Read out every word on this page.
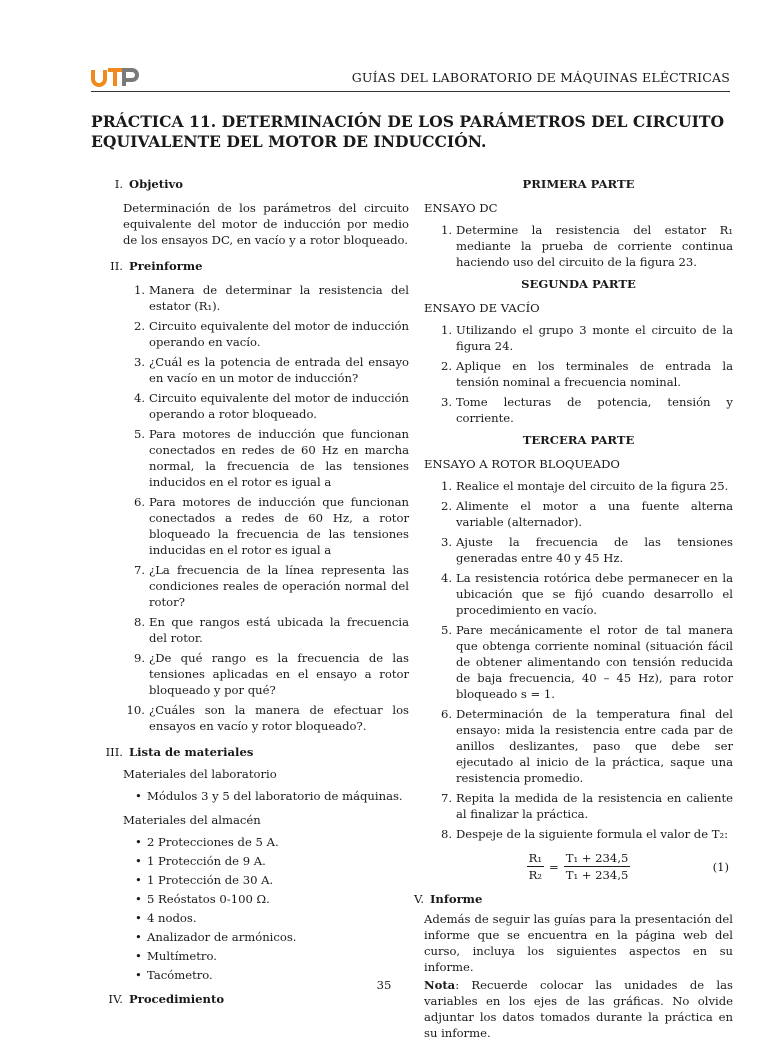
GUÍAS DEL LABORATORIO DE MÁQUINAS ELÉCTRICAS
PRÁCTICA 11. DETERMINACIÓN DE LOS PARÁMETROS DEL CIRCUITO EQUIVALENTE DEL MOTOR DE INDUCCIÓN.
I. Objetivo

Determinación de los parámetros del circuito equivalente del motor de inducción por medio de los ensayos DC, en vacío y a rotor bloqueado.

II. Preinforme
1. Manera de determinar la resistencia del estator (R₁).
2. Circuito equivalente del motor de inducción operando en vacío.
3. ¿Cuál es la potencia de entrada del ensayo en vacío en un motor de inducción?
4. Circuito equivalente del motor de inducción operando a rotor bloqueado.
5. Para motores de inducción que funcionan conectados en redes de 60 Hz en marcha normal, la frecuencia de las tensiones inducidos en el rotor es igual a
6. Para motores de inducción que funcionan conectados a redes de 60 Hz, a rotor bloqueado la frecuencia de las tensiones inducidas en el rotor es igual a
7. ¿La frecuencia de la línea representa las condiciones reales de operación normal del rotor?
8. En que rangos está ubicada la frecuencia del rotor.
9. ¿De qué rango es la frecuencia de las tensiones aplicadas en el ensayo a rotor bloqueado y por qué?
10. ¿Cuáles son la manera de efectuar los ensayos en vacío y rotor bloqueado?.
III. Lista de materiales

Materiales del laboratorio

• Módulos 3 y 5 del laboratorio de máquinas.

Materiales del almacén

• 2 Protecciones de 5 A.
• 1 Protección de 9 A.
• 1 Protección de 30 A.
• 5 Reóstatos 0-100 Ω.
• 4 nodos.
• Analizador de armónicos.
• Multímetro.
• Tacómetro.
IV. Procedimiento
PRIMERA PARTE

ENSAYO DC

1. Determine la resistencia del estator R₁ mediante la prueba de corriente continua haciendo uso del circuito de la figura 23.
SEGUNDA PARTE

ENSAYO DE VACÍO

1. Utilizando el grupo 3 monte el circuito de la figura 24.
2. Aplique en los terminales de entrada la tensión nominal a frecuencia nominal.
3. Tome lecturas de potencia, tensión y corriente.
TERCERA PARTE

ENSAYO A ROTOR BLOQUEADO

1. Realice el montaje del circuito de la figura 25.
2. Alimente el motor a una fuente alterna variable (alternador).
3. Ajuste la frecuencia de las tensiones generadas entre 40 y 45 Hz.
4. La resistencia rotórica debe permanecer en la ubicación que se fijó cuando desarrollo el procedimiento en vacío.
5. Pare mecánicamente el rotor de tal manera que obtenga corriente nominal (situación fácil de obtener alimentando con tensión reducida de baja frecuencia, 40 – 45 Hz), para rotor bloqueado s = 1.
6. Determinación de la temperatura final del ensayo: mida la resistencia entre cada par de anillos deslizantes, paso que debe ser ejecutado al inicio de la práctica, saque una resistencia promedio.
7. Repita la medida de la resistencia en caliente al finalizar la práctica.
8. Despeje de la siguiente formula el valor de T₂:
$\frac{\text{R₁}}{\text{R₂}} = \frac{\text{T₁ + 234,5}}{\text{T₁ + 234,5}}$	(1)
V. Informe

Además de seguir las guías para la presentación del informe que se encuentra en la página web del curso, incluya los siguientes aspectos en su informe.

Nota: Recuerde colocar las unidades de las variables en los ejes de las gráficas. No olvide adjuntar los datos tomados durante la práctica en su informe.

35
